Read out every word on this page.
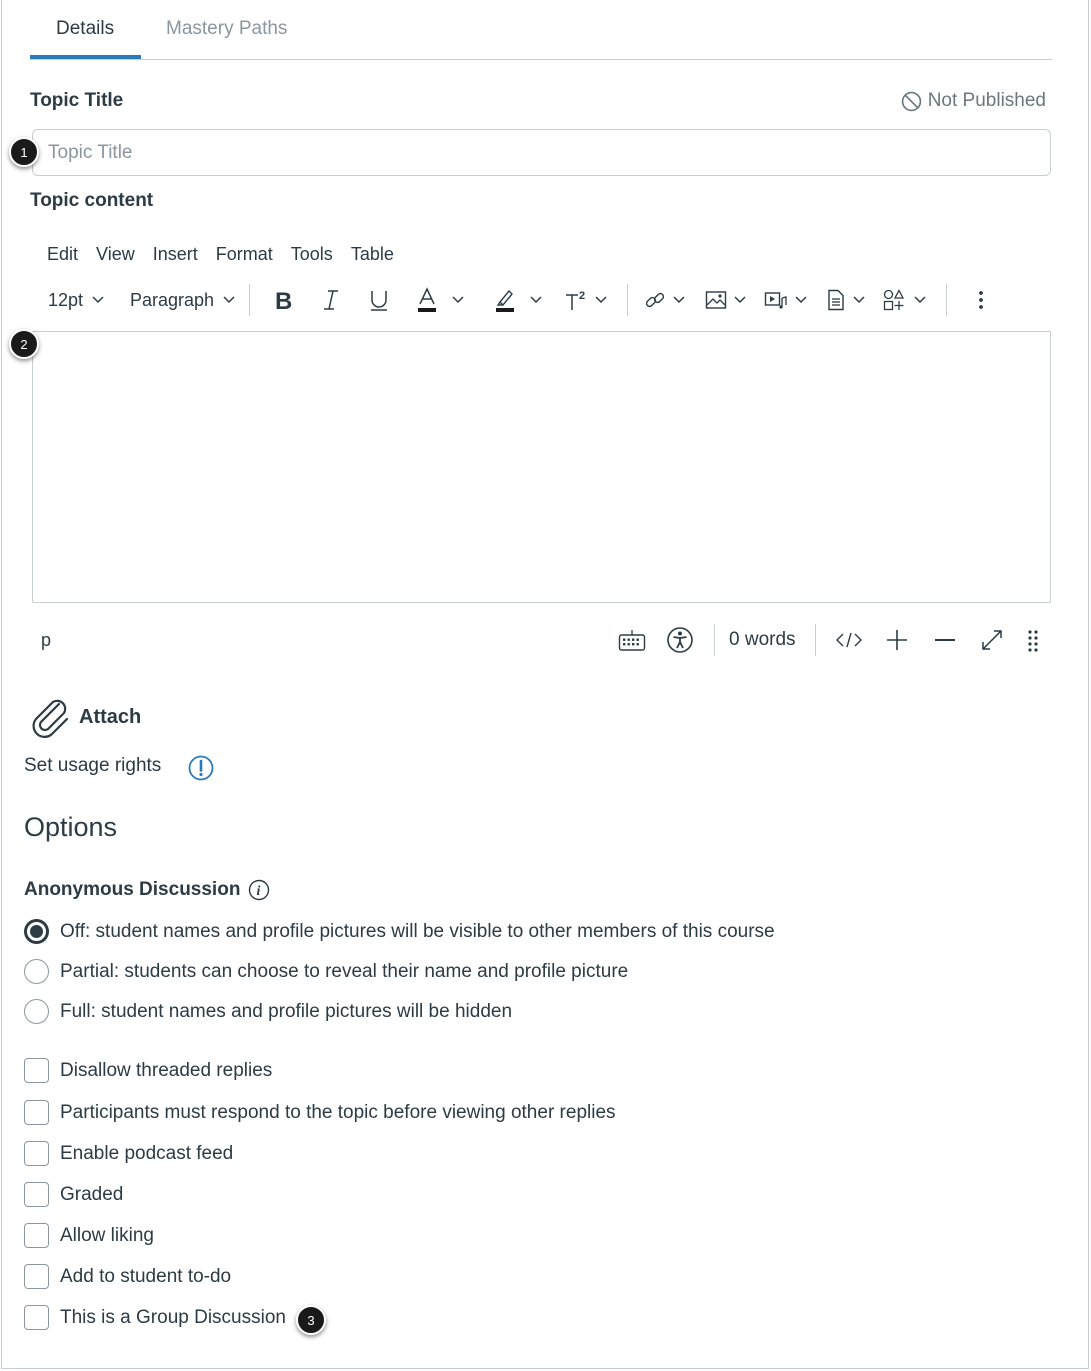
Details	Mastery Paths
Topic Title	Not Published
Topic Title
1
Topic content
Edit	View	Insert	Format	Tools	Table
12pt	Paragraph	B	2
2
p	0 words
Attach
Set usage rights
Options
Anonymous Discussion i
Off: student names and profile pictures will be visible to other members of this course
Partial: students can choose to reveal their name and profile picture
Full: student names and profile pictures will be hidden
Disallow threaded replies
Participants must respond to the topic before viewing other replies
Enable podcast feed
Graded
Allow liking
Add to student to-do
This is a Group Discussion	3
